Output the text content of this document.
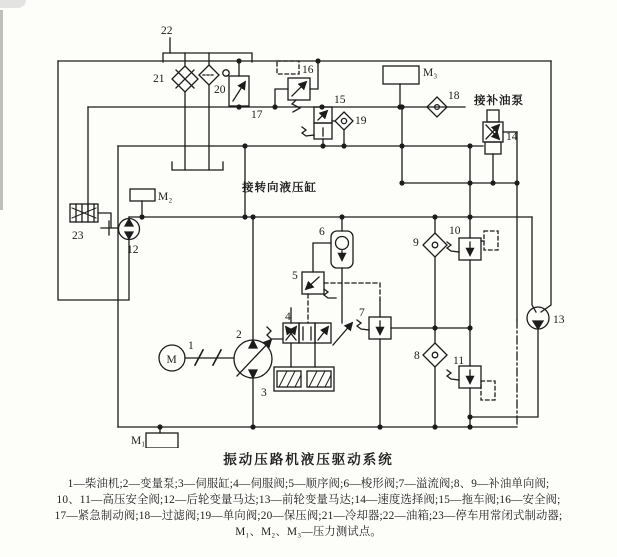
M
1
2
3
4
5
6
7
8
9
10
11
12
13
14
15
16
17
18
19
20
21
22
23
M₁
M₂
M₃
接转向液压缸
接补油泵

振动压路机液压驱动系统

1—柴油机;2—变量泵;3—伺服缸;4—伺服阀;5—顺序阀;6—梭形阀;7—溢流阀;8、9—补油单向阀;

10、11—高压安全阀;12—后轮变量马达;13—前轮变量马达;14—速度选择阀;15—拖车阀;16—安全阀;

17—紧急制动阀;18—过滤阀;19—单向阀;20—保压阀;21—冷却器;22—油箱;23—停车用常闭式制动器;

M₁、M₂、M₃—压力测试点。
